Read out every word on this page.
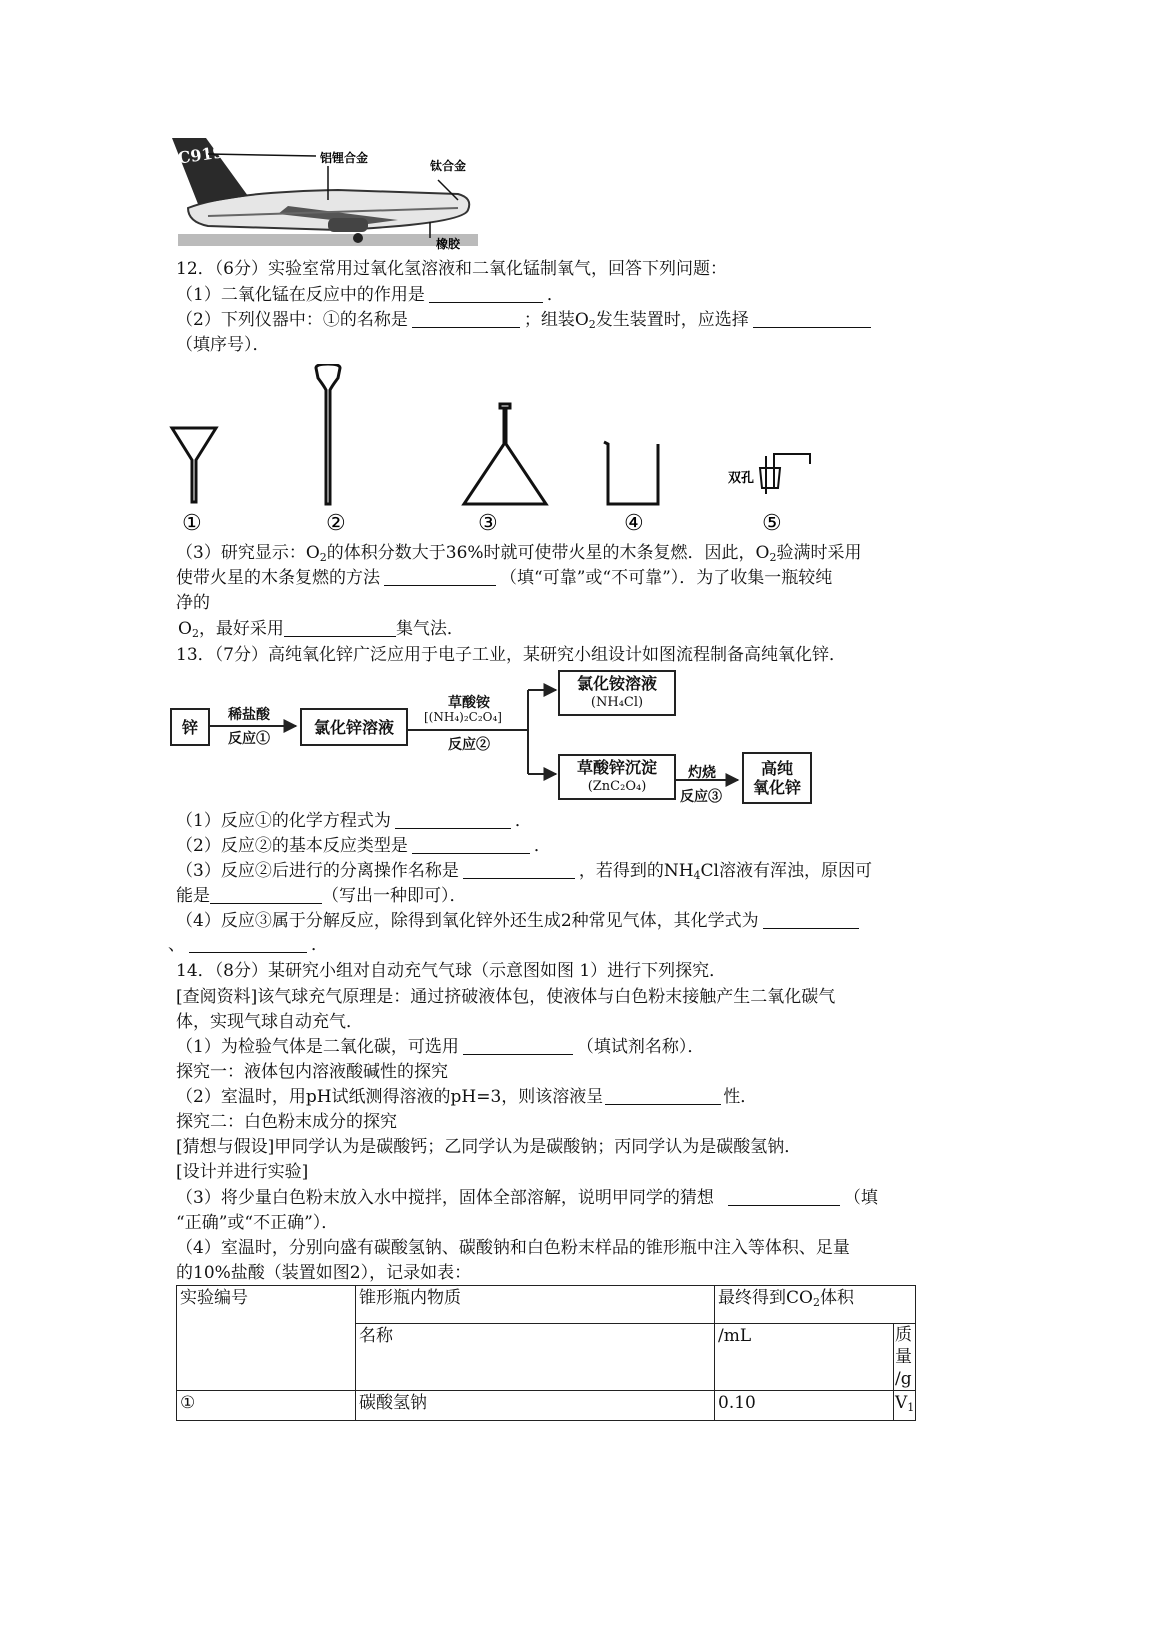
C919	铝锂合金
钛合金
橡胶
12．（6分）实验室常用过氧化氢溶液和二氧化锰制氧气，回答下列问题：
（1）二氧化锰在反应中的作用是	．
（2）下列仪器中：①的名称是	；组装$O_2$发生装置时，应选择
（填序号）．
双孔
①	②	③	④	⑤
（3）研究显示：$O_2$的体积分数大于36%时就可使带火星的木条复燃．因此，$O_2$验满时采用
使带火星的木条复燃的方法	（填“可靠”或“不可靠”）．为了收集一瓶较纯
净的
$O_2$，最好采用	集气法．
13．（7分）高纯氧化锌广泛应用于电子工业，某研究小组设计如图流程制备高纯氧化锌．
锌
稀盐酸
反应①
氯化锌溶液
草酸铵
[(NH₄)₂C₂O₄]
反应②
氯化铵溶液
(NH₄Cl)
草酸锌沉淀
(ZnC₂O₄)
灼烧
反应③
高纯
氧化锌
（1）反应①的化学方程式为	．
（2）反应②的基本反应类型是	．
（3）反应②后进行的分离操作名称是	，若得到的$NH_4Cl$溶液有浑浊，原因可
能是	（写出一种即可）．
（4）反应③属于分解反应，除得到氧化锌外还生成2种常见气体，其化学式为
、	．
14．（8分）某研究小组对自动充气气球（示意图如图 1）进行下列探究．
[查阅资料]该气球充气原理是：通过挤破液体包，使液体与白色粉末接触产生二氧化碳气
体，实现气球自动充气．
（1）为检验气体是二氧化碳，可选用	（填试剂名称）．
探究一：液体包内溶液酸碱性的探究
（2）室温时，用pH试纸测得溶液的pH=3，则该溶液呈	性．
探究二：白色粉末成分的探究
[猜想与假设]甲同学认为是碳酸钙；乙同学认为是碳酸钠；丙同学认为是碳酸氢钠．
[设计并进行实验]
（3）将少量白色粉末放入水中搅拌，固体全部溶解，说明甲同学的猜想	（填
“正确”或“不正确”）．
（4）室温时，分别向盛有碳酸氢钠、碳酸钠和白色粉末样品的锥形瓶中注入等体积、足量
的10%盐酸（装置如图2），记录如表：
实验编号	锥形瓶内物质	最终得到$CO_2$体积	
	名称	/mL	质
量
/g

①	碳酸氢钠	0.10	$V_1$
